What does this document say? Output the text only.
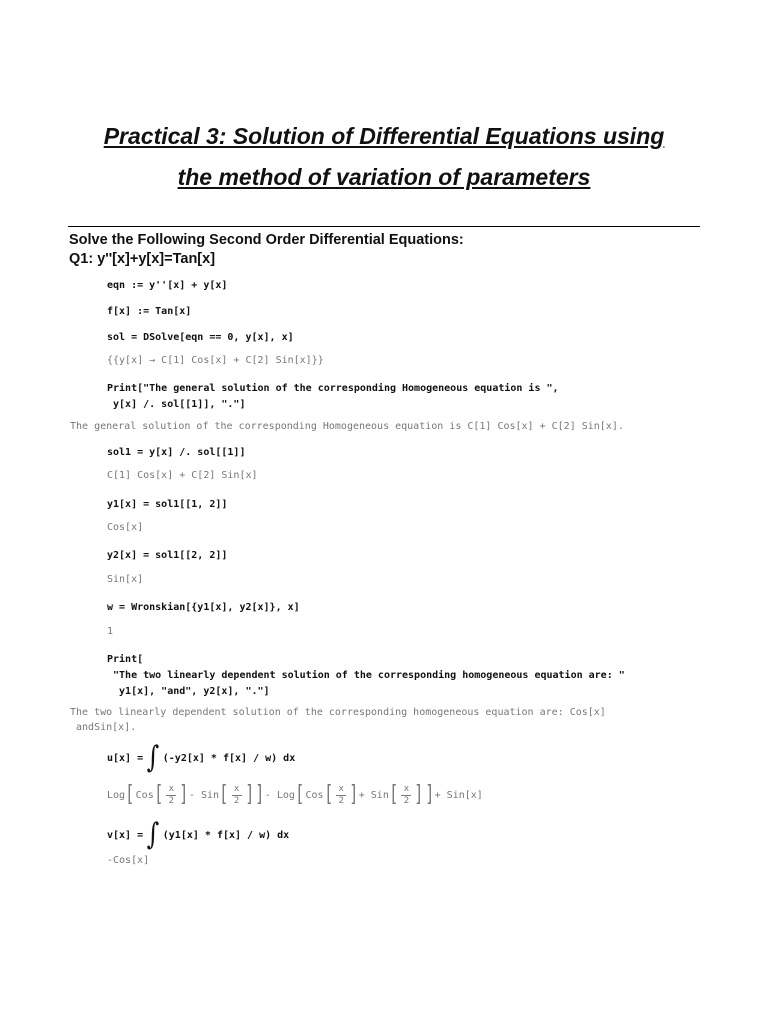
Practical 3: Solution of Differential Equations using
the method of variation of parameters
Solve the Following Second Order Differential Equations:
Q1: y''[x]+y[x]=Tan[x]
eqn := y''[x] + y[x]
f[x] := Tan[x]
sol = DSolve[eqn == 0, y[x], x]
{{y[x] → C[1] Cos[x] + C[2] Sin[x]}}
Print["The general solution of the corresponding Homogeneous equation is ",
y[x] /. sol[[1]], "."]
The general solution of the corresponding Homogeneous equation is C[1] Cos[x] + C[2] Sin[x].
sol1 = y[x] /. sol[[1]]
C[1] Cos[x] + C[2] Sin[x]
y1[x] = sol1[[1, 2]]
Cos[x]
y2[x] = sol1[[2, 2]]
Sin[x]
w = Wronskian[{y1[x], y2[x]}, x]
1
Print[
"The two linearly dependent solution of the corresponding homogeneous equation are: "
y1[x], "and", y2[x], "."]
The two linearly dependent solution of the corresponding homogeneous equation are: Cos[x]
andSin[x].
u[x] = ∫ (-y2[x] * f[x] / w) dx
Log [ Cos [ $\frac{x}{2}$ ] - Sin [ $\frac{x}{2}$ ] ] - Log [ Cos [ $\frac{x}{2}$ ] + Sin [ $\frac{x}{2}$ ] ] + Sin[x]
v[x] = ∫ (y1[x] * f[x] / w) dx
-Cos[x]
